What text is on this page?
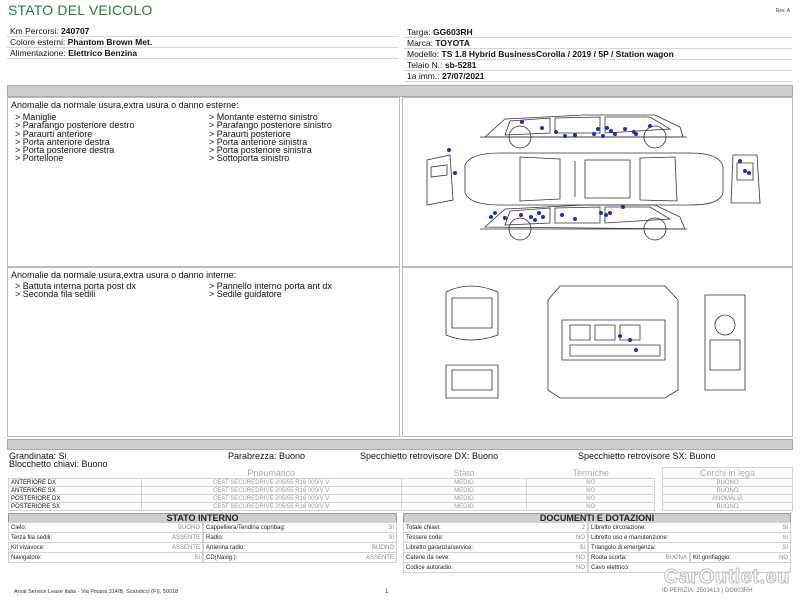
STATO DEL VEICOLO	Rev. A
Km Percorsi: 240707
Colore esterni: Phantom Brown Met.
Alimentazione: Elettrico Benzina
Targa: GG603RH
Marca: TOYOTA
Modello: TS 1.8 Hybrid BusinessCorolla / 2019 / 5P / Station wagon
Telaio N.: sb-5281
1a imm.: 27/07/2021
Anomalie da normale usura,extra usura o danno esterne:
> Maniglie
> Parafango posteriore destro
> Paraurti anteriore
> Porta anteriore destra
> Porta posteriore destra
> Portellone
> Montante esterno sinistro
> Parafango posteriore sinistro
> Paraurti posteriore
> Porta anteriore sinistra
> Porta posteriore sinistra
> Sottoporta sinistro
Anomalie da normale usura,extra usura o danno interne:
> Battuta interna porta post dx
> Seconda fila sedili
> Pannello interno porta ant dx
> Sedile guidatore
Grandinata: Si	Parabrezza: Buono	Specchietto retrovisore DX: Buono	Specchietto retrovisore SX: Buono
Blocchetto chiavi: Buono
	Pneumatico	Stato	Termiche		Cerchi in lega
ANTERIORE DX	CEAT SECUREDRIVE 205/55 R16 000/V V	MEDIO	NO		BUONO
ANTERIORE SX	CEAT SECUREDRIVE 205/55 R16 000/V V	MEDIO	NO		BUONO
POSTERIORE DX	CEAT SECUREDRIVE 205/55 R16 000/V V	MEDIO	NO		ANOMALIA
POSTERIORE SX	CEAT SECUREDRIVE 205/55 R16 000/V V	MEDIO	NO		BUONO
STATO INTERNO
Cielo:	BUONO	Cappelliera/Tendina copribag:	SI
Terza fila sedili:	ASSENTE	Radio:	SI
Kit vivavoce:	ASSENTE	Antenna radio:	BUONO
Navigatore:	SI	CD(Navig.):	ASSENTE
DOCUMENTI E DOTAZIONI
Totale chiavi:	2	Libretto circolazione:	SI
Tessere code:	NO	Libretto uso e manutenzione:	SI
Libretto garanzia/service:	SI	Triangolo di emergenza:	SI
Catene da neve:	NO	Ruota scorta:	BUONA	Kit gonfiaggio:	NO
Codice autoradio:	NO	Cavo elettrico:
Arval Service Lease Italia - Via Pisana 314/B, Scandicci (FI), 50018	1	ID PERIZIA: 2503413 | GG603RH
CarOutlet.eu
